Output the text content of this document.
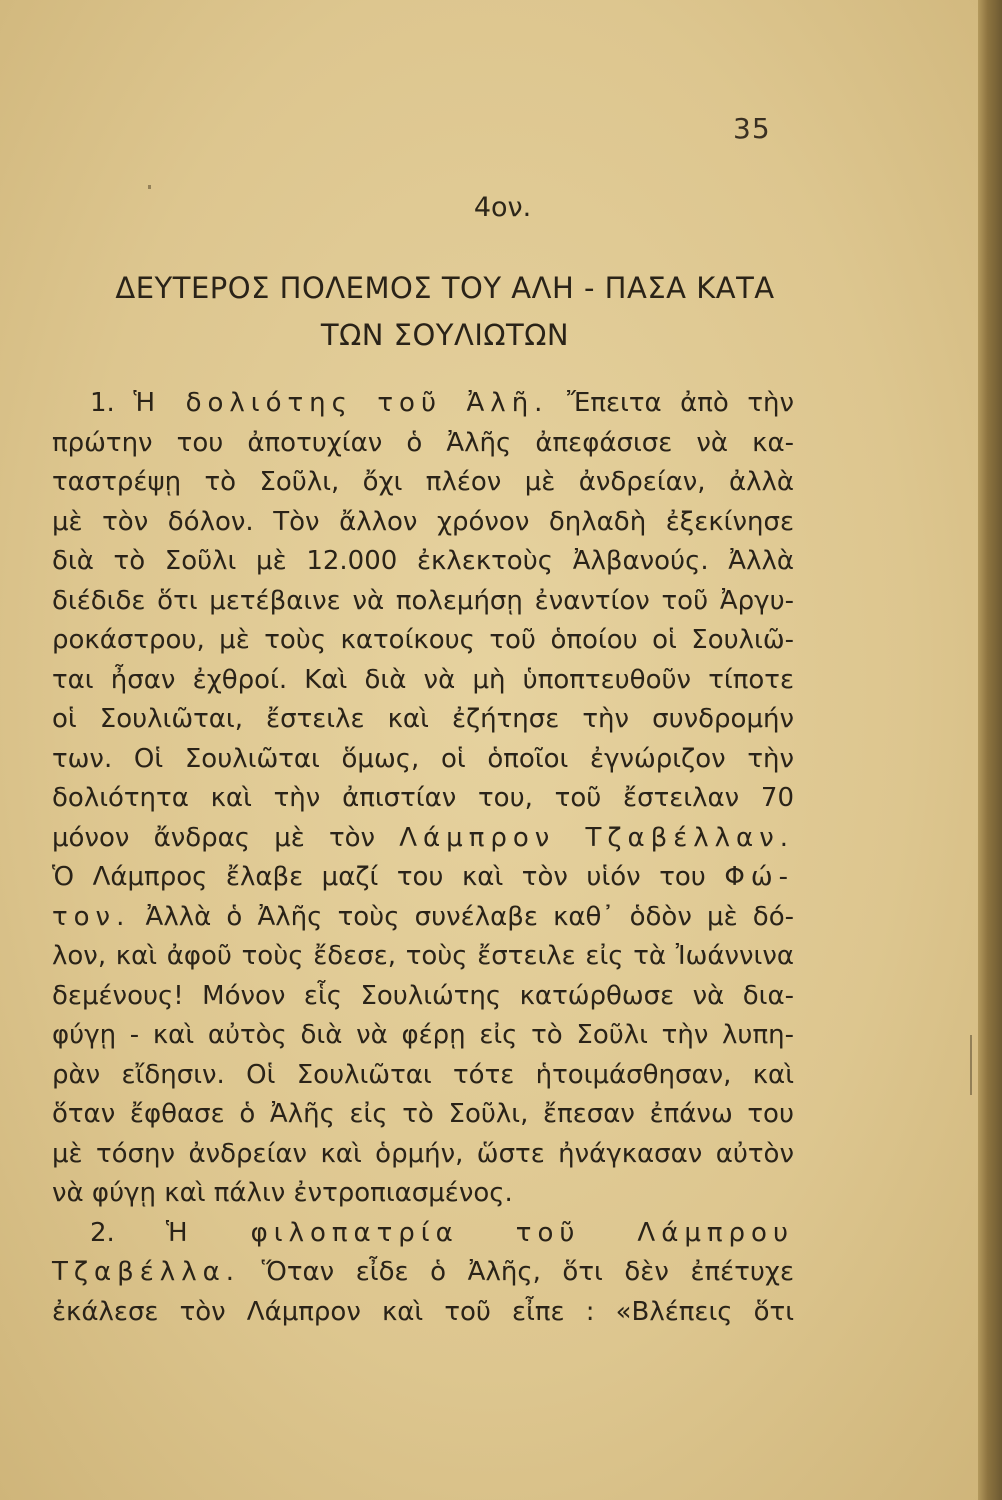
35
4ον.
ΔΕΥΤΕΡΟΣ ΠΟΛΕΜΟΣ ΤΟΥ ΑΛΗ - ΠΑΣΑ ΚΑΤΑ
ΤΩΝ ΣΟΥΛΙΩΤΩΝ
1. Ἡ δολιότης τοῦ Ἀλῆ. Ἔπειτα ἀπὸ τὴν
πρώτην του ἀποτυχίαν ὁ Ἀλῆς ἀπεφάσισε νὰ κα-
ταστρέψῃ τὸ Σοῦλι, ὄχι πλέον μὲ ἀνδρείαν, ἀλλὰ
μὲ τὸν δόλον. Τὸν ἄλλον χρόνον δηλαδὴ ἐξεκίνησε
διὰ τὸ Σοῦλι μὲ 12.000 ἐκλεκτοὺς Ἀλβανούς. Ἀλλὰ
διέδιδε ὅτι μετέβαινε νὰ πολεμήσῃ ἐναντίον τοῦ Ἀργυ-
ροκάστρου, μὲ τοὺς κατοίκους τοῦ ὁποίου οἱ Σουλιῶ-
ται ἦσαν ἐχθροί. Καὶ διὰ νὰ μὴ ὑποπτευθοῦν τίποτε
οἱ Σουλιῶται, ἔστειλε καὶ ἐζήτησε τὴν συνδρομήν
των. Οἱ Σουλιῶται ὅμως, οἱ ὁποῖοι ἐγνώριζον τὴν
δολιότητα καὶ τὴν ἀπιστίαν του, τοῦ ἔστειλαν 70
μόνον ἄνδρας μὲ τὸν Λάμπρον Τζαβέλλαν.
Ὁ Λάμπρος ἔλαβε μαζί του καὶ τὸν υἱόν του Φώ-
τον. Ἀλλὰ ὁ Ἀλῆς τοὺς συνέλαβε καθ᾽ ὁδὸν μὲ δό-
λον, καὶ ἀφοῦ τοὺς ἔδεσε, τοὺς ἔστειλε εἰς τὰ Ἰωάννινα
δεμένους! Μόνον εἷς Σουλιώτης κατώρθωσε νὰ δια-
φύγῃ - καὶ αὐτὸς διὰ νὰ φέρῃ εἰς τὸ Σοῦλι τὴν λυπη-
ρὰν εἴδησιν. Οἱ Σουλιῶται τότε ἡτοιμάσθησαν, καὶ
ὅταν ἔφθασε ὁ Ἀλῆς εἰς τὸ Σοῦλι, ἔπεσαν ἐπάνω του
μὲ τόσην ἀνδρείαν καὶ ὁρμήν, ὥστε ἠνάγκασαν αὐτὸν
νὰ φύγῃ καὶ πάλιν ἐντροπιασμένος.
2. Ἡ φιλοπατρία τοῦ Λάμπρου
Τζαβέλλα. Ὅταν εἶδε ὁ Ἀλῆς, ὅτι δὲν ἐπέτυχε
ἐκάλεσε τὸν Λάμπρον καὶ τοῦ εἶπε : «Βλέπεις ὅτι
